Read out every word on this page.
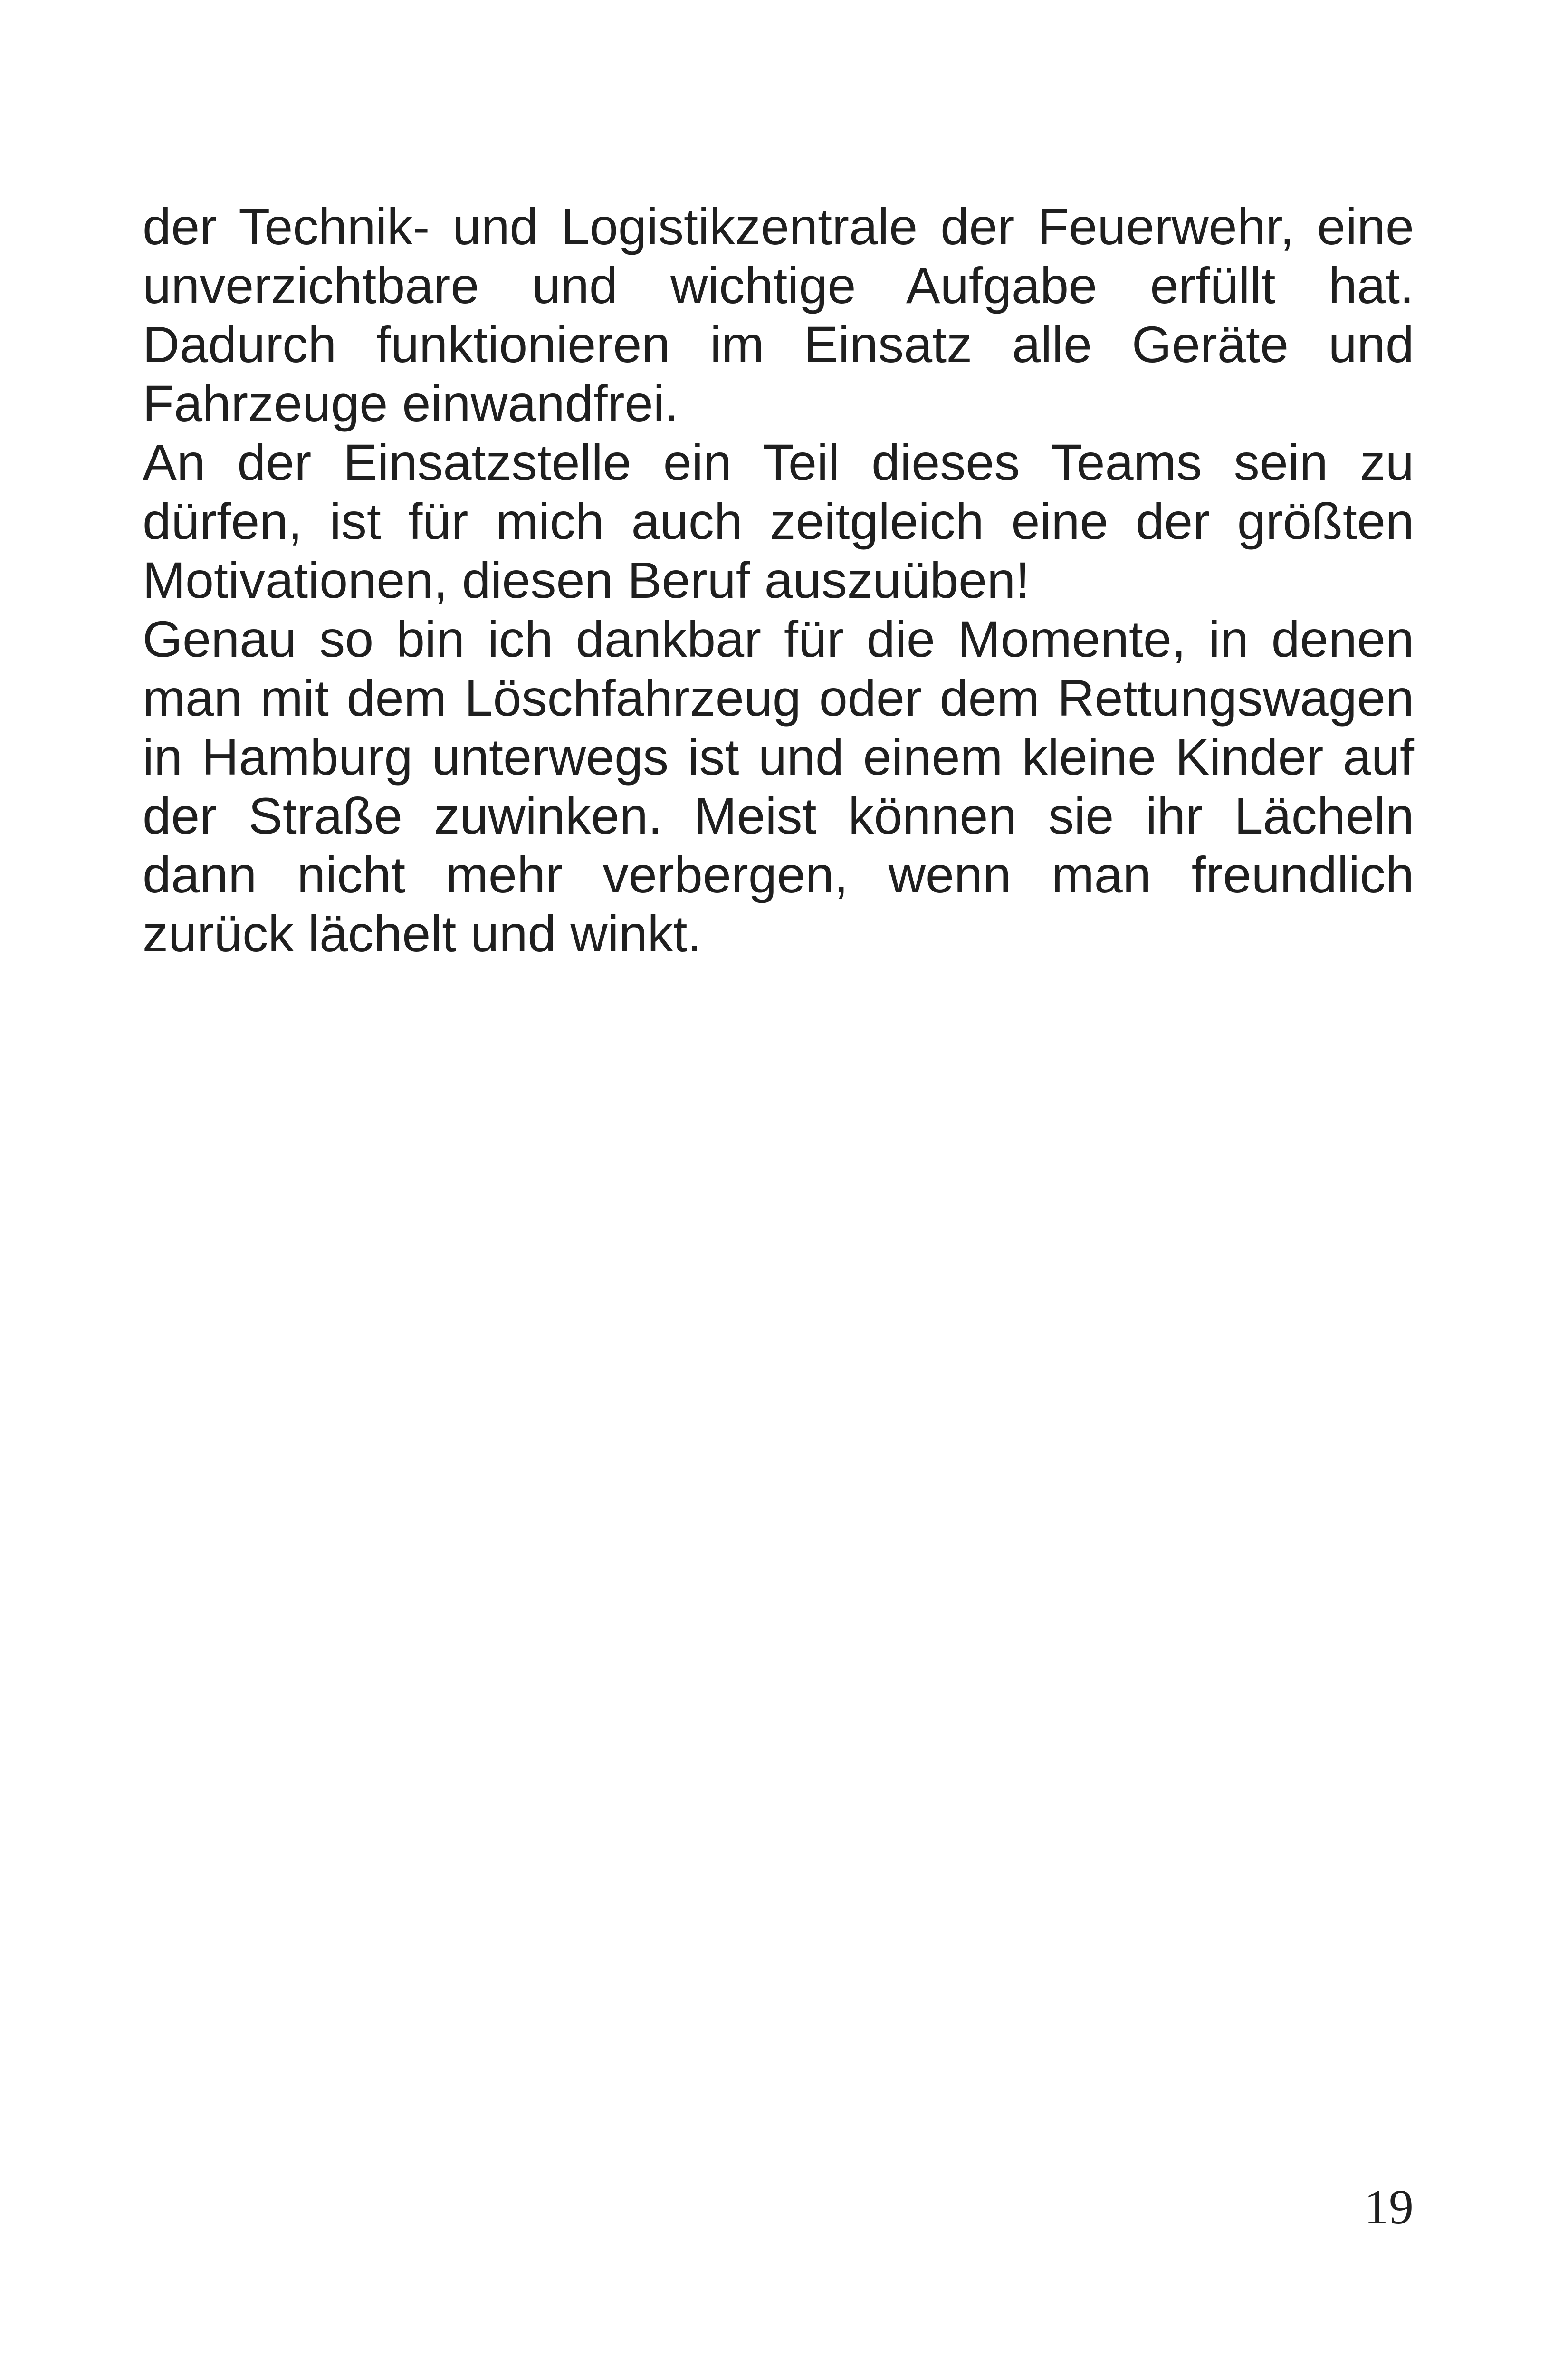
der Technik- und Logistikzentrale der Feuerwehr, eine unverzichtbare und wichtige Aufgabe erfüllt hat. Dadurch funktionieren im Einsatz alle Geräte und Fahrzeuge einwandfrei.

An der Einsatzstelle ein Teil dieses Teams sein zu dürfen, ist für mich auch zeitgleich eine der größten Motivationen, diesen Beruf auszuüben!

Genau so bin ich dankbar für die Momente, in denen man mit dem Löschfahrzeug oder dem Rettungswagen in Hamburg unterwegs ist und einem kleine Kinder auf der Straße zuwinken. Meist können sie ihr Lächeln dann nicht mehr verbergen, wenn man freundlich zurück lächelt und winkt.

19
